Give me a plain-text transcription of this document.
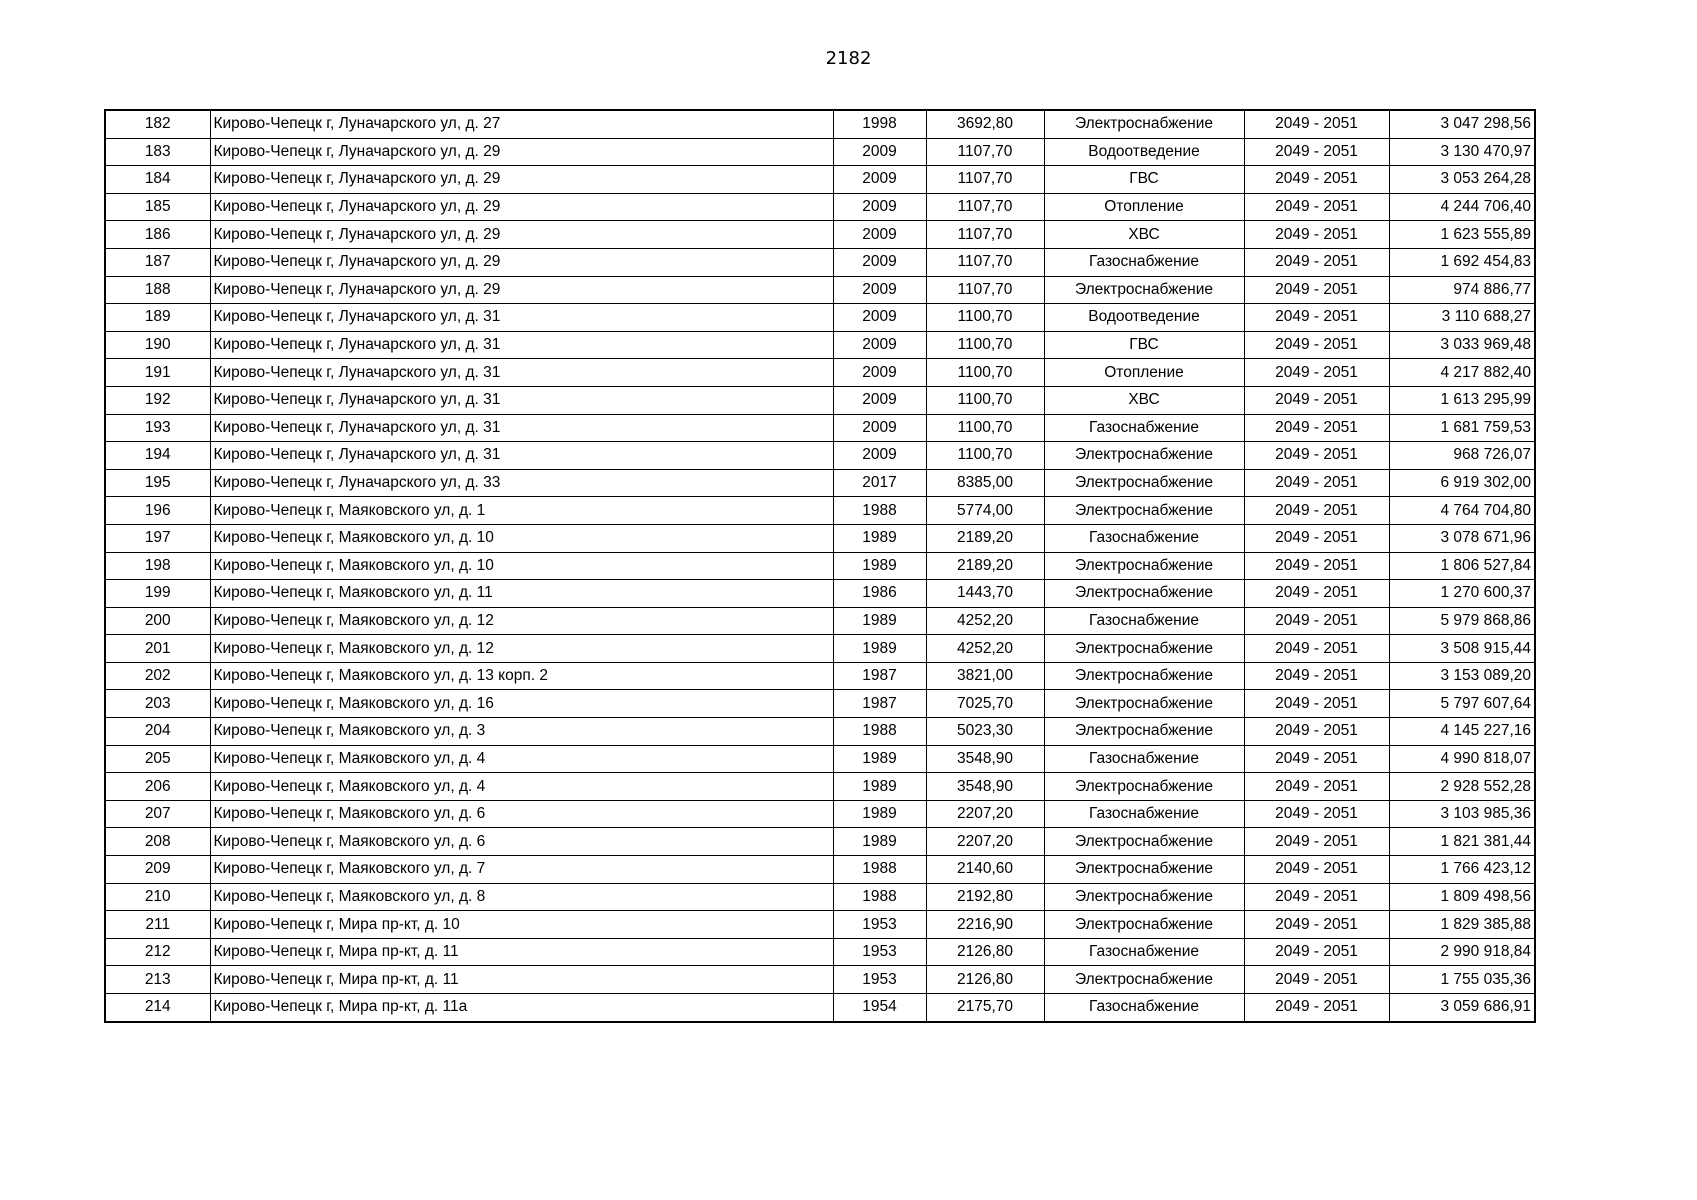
2182
182	Кирово-Чепецк г, Луначарского ул, д. 27	1998	3692,80	Электроснабжение	2049 - 2051	3 047 298,56
183	Кирово-Чепецк г, Луначарского ул, д. 29	2009	1107,70	Водоотведение	2049 - 2051	3 130 470,97
184	Кирово-Чепецк г, Луначарского ул, д. 29	2009	1107,70	ГВС	2049 - 2051	3 053 264,28
185	Кирово-Чепецк г, Луначарского ул, д. 29	2009	1107,70	Отопление	2049 - 2051	4 244 706,40
186	Кирово-Чепецк г, Луначарского ул, д. 29	2009	1107,70	ХВС	2049 - 2051	1 623 555,89
187	Кирово-Чепецк г, Луначарского ул, д. 29	2009	1107,70	Газоснабжение	2049 - 2051	1 692 454,83
188	Кирово-Чепецк г, Луначарского ул, д. 29	2009	1107,70	Электроснабжение	2049 - 2051	974 886,77
189	Кирово-Чепецк г, Луначарского ул, д. 31	2009	1100,70	Водоотведение	2049 - 2051	3 110 688,27
190	Кирово-Чепецк г, Луначарского ул, д. 31	2009	1100,70	ГВС	2049 - 2051	3 033 969,48
191	Кирово-Чепецк г, Луначарского ул, д. 31	2009	1100,70	Отопление	2049 - 2051	4 217 882,40
192	Кирово-Чепецк г, Луначарского ул, д. 31	2009	1100,70	ХВС	2049 - 2051	1 613 295,99
193	Кирово-Чепецк г, Луначарского ул, д. 31	2009	1100,70	Газоснабжение	2049 - 2051	1 681 759,53
194	Кирово-Чепецк г, Луначарского ул, д. 31	2009	1100,70	Электроснабжение	2049 - 2051	968 726,07
195	Кирово-Чепецк г, Луначарского ул, д. 33	2017	8385,00	Электроснабжение	2049 - 2051	6 919 302,00
196	Кирово-Чепецк г, Маяковского ул, д. 1	1988	5774,00	Электроснабжение	2049 - 2051	4 764 704,80
197	Кирово-Чепецк г, Маяковского ул, д. 10	1989	2189,20	Газоснабжение	2049 - 2051	3 078 671,96
198	Кирово-Чепецк г, Маяковского ул, д. 10	1989	2189,20	Электроснабжение	2049 - 2051	1 806 527,84
199	Кирово-Чепецк г, Маяковского ул, д. 11	1986	1443,70	Электроснабжение	2049 - 2051	1 270 600,37
200	Кирово-Чепецк г, Маяковского ул, д. 12	1989	4252,20	Газоснабжение	2049 - 2051	5 979 868,86
201	Кирово-Чепецк г, Маяковского ул, д. 12	1989	4252,20	Электроснабжение	2049 - 2051	3 508 915,44
202	Кирово-Чепецк г, Маяковского ул, д. 13 корп. 2	1987	3821,00	Электроснабжение	2049 - 2051	3 153 089,20
203	Кирово-Чепецк г, Маяковского ул, д. 16	1987	7025,70	Электроснабжение	2049 - 2051	5 797 607,64
204	Кирово-Чепецк г, Маяковского ул, д. 3	1988	5023,30	Электроснабжение	2049 - 2051	4 145 227,16
205	Кирово-Чепецк г, Маяковского ул, д. 4	1989	3548,90	Газоснабжение	2049 - 2051	4 990 818,07
206	Кирово-Чепецк г, Маяковского ул, д. 4	1989	3548,90	Электроснабжение	2049 - 2051	2 928 552,28
207	Кирово-Чепецк г, Маяковского ул, д. 6	1989	2207,20	Газоснабжение	2049 - 2051	3 103 985,36
208	Кирово-Чепецк г, Маяковского ул, д. 6	1989	2207,20	Электроснабжение	2049 - 2051	1 821 381,44
209	Кирово-Чепецк г, Маяковского ул, д. 7	1988	2140,60	Электроснабжение	2049 - 2051	1 766 423,12
210	Кирово-Чепецк г, Маяковского ул, д. 8	1988	2192,80	Электроснабжение	2049 - 2051	1 809 498,56
211	Кирово-Чепецк г, Мира пр-кт, д. 10	1953	2216,90	Электроснабжение	2049 - 2051	1 829 385,88
212	Кирово-Чепецк г, Мира пр-кт, д. 11	1953	2126,80	Газоснабжение	2049 - 2051	2 990 918,84
213	Кирово-Чепецк г, Мира пр-кт, д. 11	1953	2126,80	Электроснабжение	2049 - 2051	1 755 035,36
214	Кирово-Чепецк г, Мира пр-кт, д. 11а	1954	2175,70	Газоснабжение	2049 - 2051	3 059 686,91
